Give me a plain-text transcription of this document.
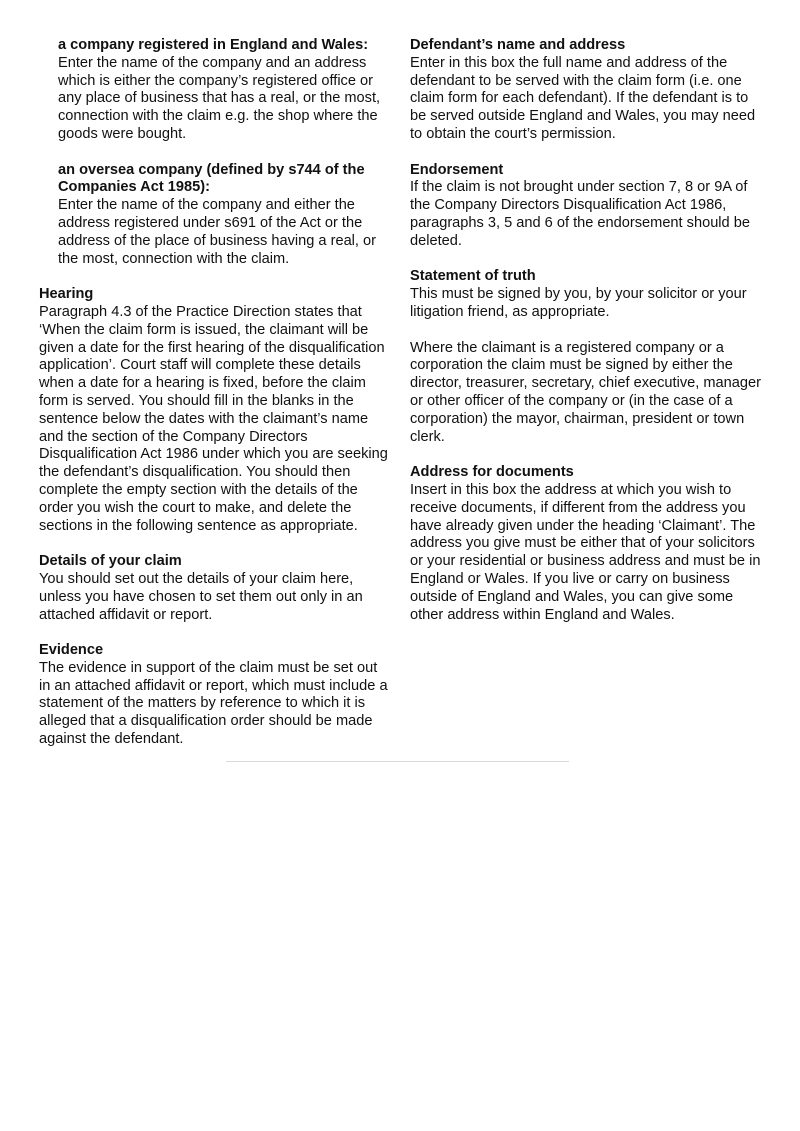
a company registered in England and Wales:
Enter the name of the company and an address which is either the company’s registered office or any place of business that has a real, or the most, connection with the claim e.g. the shop where the goods were bought.
an oversea company (defined by s744 of the Companies Act 1985):
Enter the name of the company and either the address registered under s691 of the Act or the address of the place of business having a real, or the most, connection with the claim.
Hearing
Paragraph 4.3 of the Practice Direction states that ‘When the claim form is issued, the claimant will be given a date for the first hearing of the disqualification application’. Court staff will complete these details when a date for a hearing is fixed, before the claim form is served. You should fill in the blanks in the sentence below the dates with the claimant’s name and the section of the Company Directors Disqualification Act 1986 under which you are seeking the defendant’s disqualification. You should then complete the empty section with the details of the order you wish the court to make, and delete the sections in the following sentence as appropriate.
Details of your claim
You should set out the details of your claim here, unless you have chosen to set them out only in an attached affidavit or report.
Evidence
The evidence in support of the claim must be set out in an attached affidavit or report, which must include a statement of the matters by reference to which it is alleged that a disqualification order should be made against the defendant.
Defendant’s name and address
Enter in this box the full name and address of the defendant to be served with the claim form (i.e. one claim form for each defendant). If the defendant is to be served outside England and Wales, you may need to obtain the court’s permission.
Endorsement
If the claim is not brought under section 7, 8 or 9A of the Company Directors Disqualification Act 1986, paragraphs 3, 5 and 6 of the endorsement should be deleted.
Statement of truth
This must be signed by you, by your solicitor or your litigation friend, as appropriate.
Where the claimant is a registered company or a corporation the claim must be signed by either the director, treasurer, secretary, chief executive, manager or other officer of the company or (in the case of a corporation) the mayor, chairman, president or town clerk.
Address for documents
Insert in this box the address at which you wish to receive documents, if different from the address you have already given under the heading ‘Claimant’. The address you give must be either that of your solicitors or your residential or business address and must be in England or Wales. If you live or carry on business outside of England and Wales, you can give some other address within England and Wales.
